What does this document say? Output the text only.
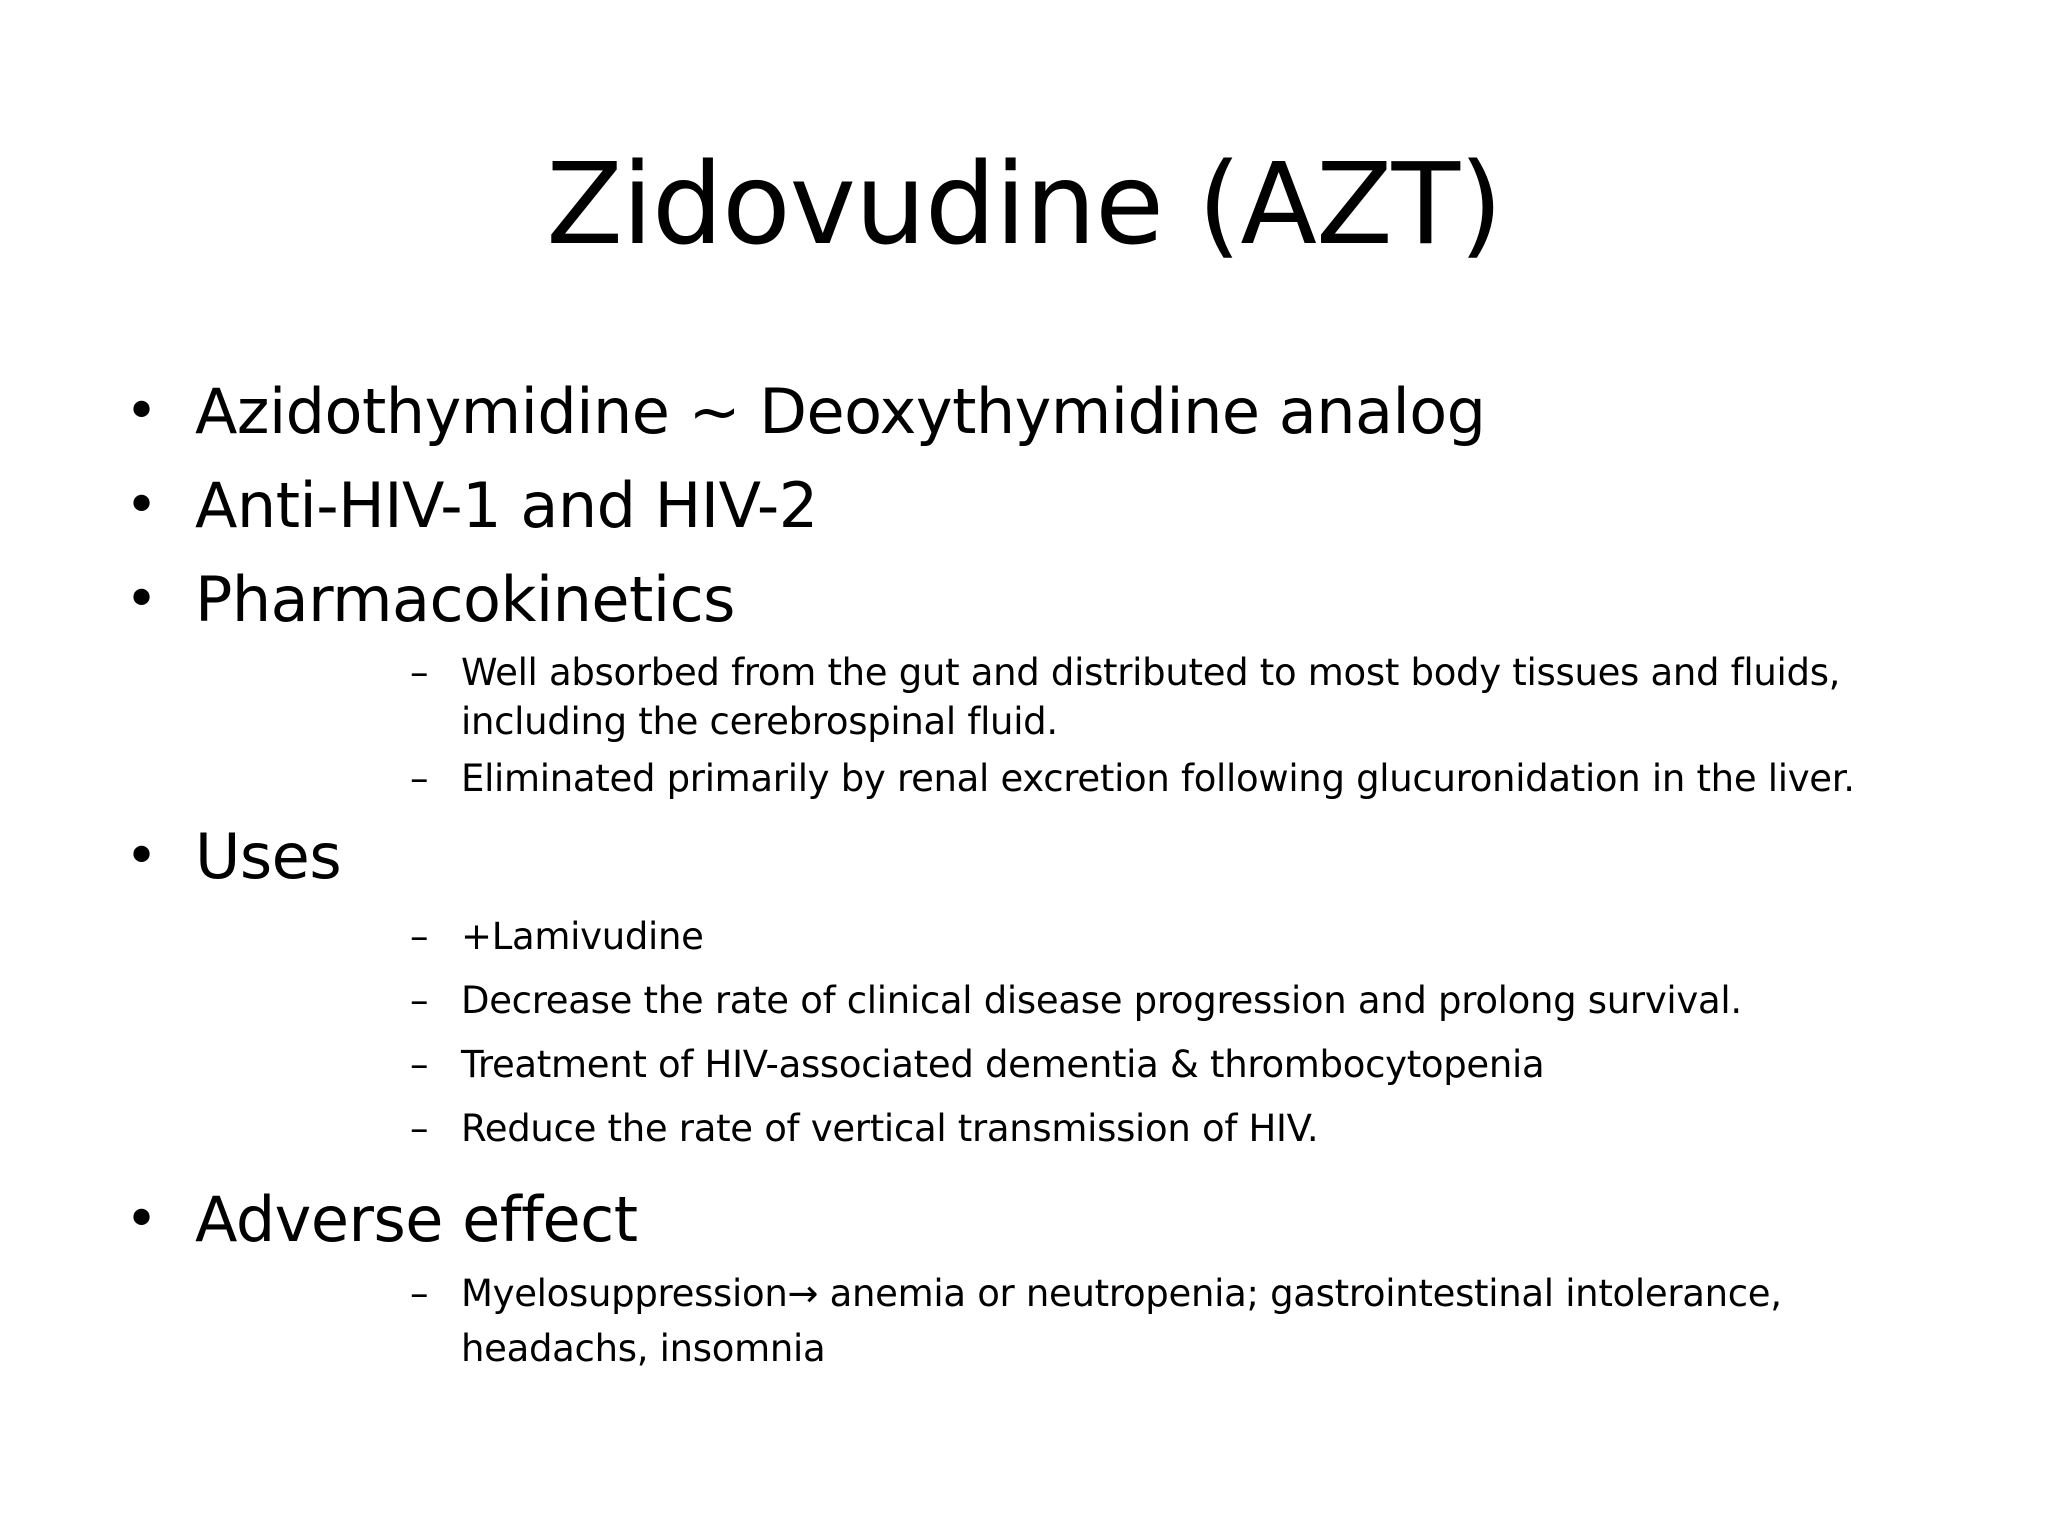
Zidovudine (AZT)
• Azidothymidine ~ Deoxythymidine analog
• Anti-HIV-1 and HIV-2
• Pharmacokinetics
– Well absorbed from the gut and distributed to most body tissues and fluids, including the cerebrospinal fluid.
– Eliminated primarily by renal excretion following glucuronidation in the liver.
• Uses
– +Lamivudine
– Decrease the rate of clinical disease progression and prolong survival.
– Treatment of HIV-associated dementia & thrombocytopenia
– Reduce the rate of vertical transmission of HIV.
• Adverse effect
– Myelosuppression→ anemia or neutropenia; gastrointestinal intolerance, headachs, insomnia
